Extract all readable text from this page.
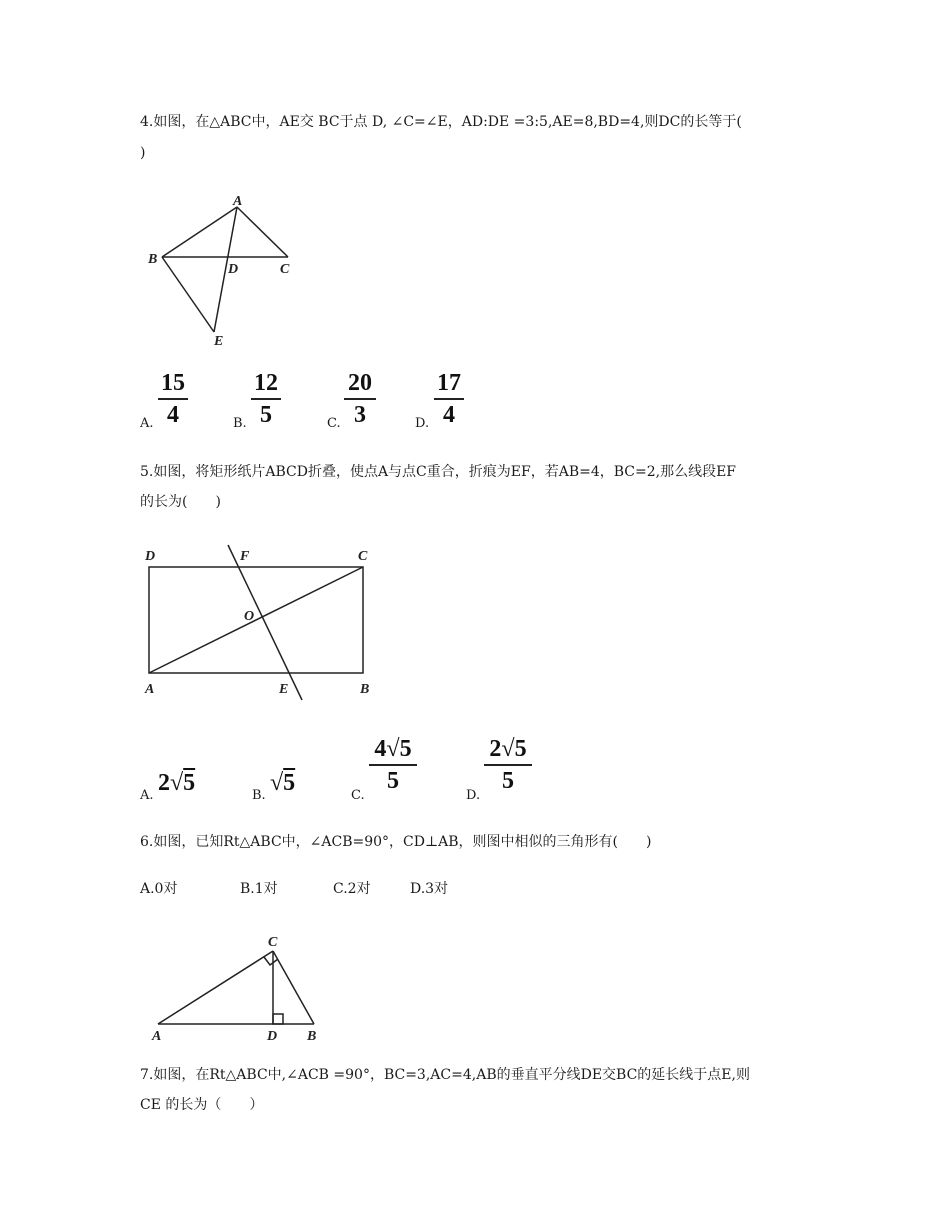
4.如图，在△ABC中，AE交 BC于点 D, ∠C=∠E，AD:DE =3:5,AE=8,BD=4,则DC的长等于(
)
A
B
C
D
E
A.
15
4	B.
12
5	C.
20
3	D.
17
4
5.如图，将矩形纸片ABCD折叠，使点A与点C重合，折痕为EF，若AB=4，BC=2,那么线段EF
的长为(　　)
D	F	C
O
A	E	B
A. 2√5	B. √5	C.
4√5
5
D.
2√5
5
6.如图，已知Rt△ABC中，∠ACB=90°，CD⊥AB，则图中相似的三角形有(　　)
A.0对	B.1对	C.2对	D.3对
C
A	D B
7.如图，在Rt△ABC中,∠ACB =90°，BC=3,AC=4,AB的垂直平分线DE交BC的延长线于点E,则
CE 的长为（　　）
